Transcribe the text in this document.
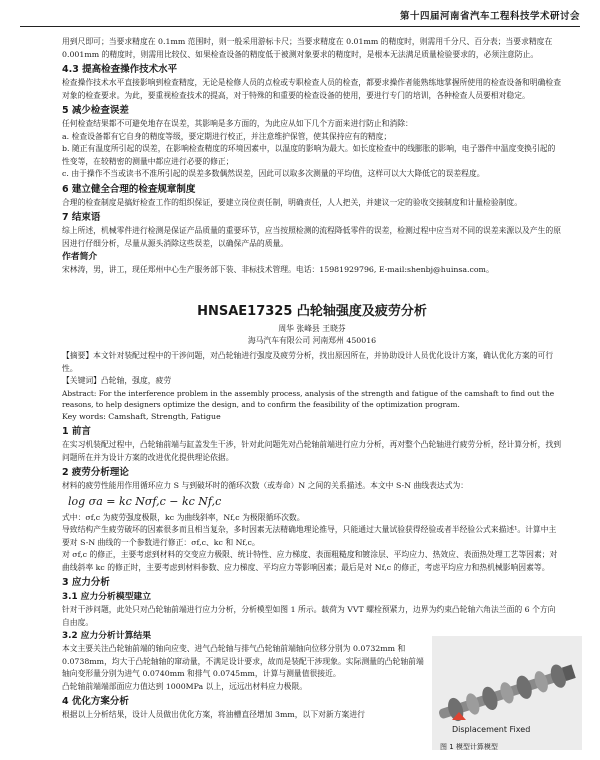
第十四届河南省汽车工程科技学术研讨会

用到尺即可；当要求精度在 0.1mm 范围时，则一般采用游标卡尺；当要求精度在 0.01mm 的精度时，则需用千分尺、百分表；当要求精度在 0.001mm 的精度时，则需用比较仪、如果检查设备的精度低于被测对象要求的精度时，是根本无法满足质量检验要求的，必须注意防止。

4.3 提高检查操作技术水平

检查操作技术水平直接影响到检查精度，无论是检修人员的点检或专职检查人员的检查，都要求操作者能熟练地掌握所使用的检查设备和明确检查对象的检查要求。为此，要重视检查技术的提高，对于特殊的和重要的检查设备的使用，要进行专门的培训，各种检查人员要相对稳定。

5 减少检查误差

任何检查结果都不可避免地存在误差，其影响是多方面的，为此应从如下几个方面来进行防止和消除：

a. 检查设备都有它自身的精度等级，要定期进行校正，并注意维护保管，使其保持应有的精度；

b. 随正有温度所引起的误差，在影响检查精度的环境因素中，以温度的影响为最大。如长度检查中的线膨胀的影响，电子器件中温度变换引起的性变等，在较精密的测量中都应进行必要的修正；

c. 由于操作不当或读书不准所引起的误差多数偶然误差，因此可以取多次测量的平均值，这样可以大大降低它的误差程度。

6 建立健全合理的检查规章制度

合理的检查制度是搞好检查工作的组织保证，要建立岗位责任制，明确责任，人人把关，并建议一定的验收交接制度和计量检验制度。

7 结束语

综上所述，机械零件进行检测是保证产品质量的重要环节，应当按照检测的流程降低零件的误差，检测过程中应当对不同的误差来源以及产生的原因进行仔细分析，尽量从源头消除这些误差，以确保产品的质量。

作者简介

宋林涛，男，讲工，现任郑州中心生产服务部下装、非标技术管理。电话：15981929796, E-mail:shenbj@huinsa.com。

HNSAE17325 凸轮轴强度及疲劳分析

周华 张峰县 王晓芬

海马汽车有限公司 河南郑州 450016

【摘要】本文针对装配过程中的干涉问题，对凸轮轴进行强度及疲劳分析，找出原因所在，并协助设计人员优化设计方案，确认优化方案的可行性。

【关键词】凸轮轴，强度，疲劳

Abstract: For the interference problem in the assembly process, analysis of the strength and fatigue of the camshaft to find out the reasons, to help designers optimize the design, and to confirm the feasibility of the optimization program.

Key words: Camshaft, Strength, Fatigue

1 前言

在实习机装配过程中，凸轮轴前端与缸盖发生干涉，针对此问题先对凸轮轴前端进行应力分析，再对整个凸轮轴进行疲劳分析，经计算分析，找到问题所在并为设计方案的改进优化提供理论依据。

2 疲劳分析理论

材料的疲劳性能用作用循环应力 S 与到破坏时的循环次数（或寿命）N 之间的关系描述。本文中 S-N 曲线表达式为：

log σa = kc Nσf,c − kc Nf,c

式中：σf,c 为疲劳强度极限，kc 为曲线斜率，Nf,c 为极限循环次数。

导致结构产生疲劳破坏的因素很多而且相当复杂，多时因素无法精确地理论推导，只能通过大量试验获得经验或者半经验公式来描述¹。计算中主要对 S-N 曲线的一个参数进行修正：σf,c、kc 和 Nf,c。

对 σf,c 的修正，主要考虑到材料的交变应力极限、统计特性、应力梯度、表面粗糙度和镀涂层、平均应力、热效应、表面热处理工艺等因素；对曲线斜率 kc 的修正时，主要考虑到材料参数、应力梯度、平均应力等影响因素；最后是对 Nf,c 的修正，考虑平均应力和热机械影响因素等。

3 应力分析

3.1 应力分析模型建立

针对干涉问题，此处只对凸轮轴前端进行应力分析，分析模型如图 1 所示。载荷为 VVT 螺栓预紧力，边界为约束凸轮轴六角法兰面的 6 个方向自由度。

3.2 应力分析计算结果

本文主要关注凸轮轴前端的轴向应变、进气凸轮轴与排气凸轮轴前端轴向位移分别为 0.0732mm 和 0.0738mm，均大于凸轮轴轴的窜动量，不满足设计要求，故而是装配干涉现象。实际测量的凸轮轴前端轴向变形量分别为进气 0.0740mm 和排气 0.0745mm，计算与测量值很接近。

凸轮轴前端端部面应力值达到 1000MPa 以上，远远出材料应力极限。

4 优化方案分析

根据以上分析结果，设计人员做出优化方案，将油槽直径增加 3mm，以下对新方案进行

Displacement Fixed
图 1 模型计算模型
